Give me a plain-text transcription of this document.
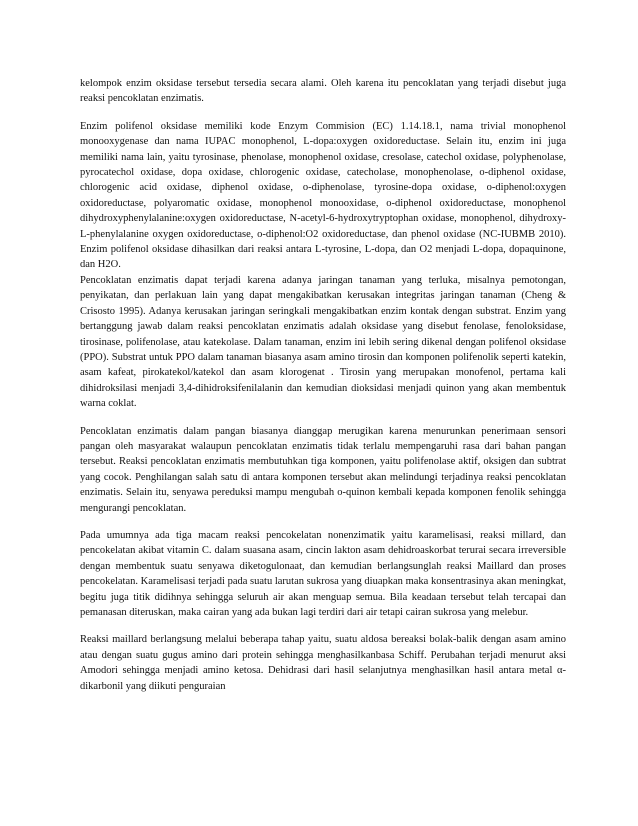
kelompok enzim oksidase tersebut tersedia secara alami. Oleh karena itu pencoklatan yang terjadi disebut juga reaksi pencoklatan enzimatis.

Enzim polifenol oksidase memiliki kode Enzym Commision (EC) 1.14.18.1, nama trivial monophenol monooxygenase dan nama IUPAC monophenol, L-dopa:oxygen oxidoreductase. Selain itu, enzim ini juga memiliki nama lain, yaitu tyrosinase, phenolase, monophenol oxidase, cresolase, catechol oxidase, polyphenolase, pyrocatechol oxidase, dopa oxidase, chlorogenic oxidase, catecholase, monophenolase, o-diphenol oxidase, chlorogenic acid oxidase, diphenol oxidase, o-diphenolase, tyrosine-dopa oxidase, o-diphenol:oxygen oxidoreductase, polyaromatic oxidase, monophenol monooxidase, o-diphenol oxidoreductase, monophenol dihydroxyphenylalanine:oxygen oxidoreductase, N-acetyl-6-hydroxytryptophan oxidase, monophenol, dihydroxy-L-phenylalanine oxygen oxidoreductase, o-diphenol:O2 oxidoreductase, dan phenol oxidase (NC-IUBMB 2010). Enzim polifenol oksidase dihasilkan dari reaksi antara L-tyrosine, L-dopa, dan O2 menjadi L-dopa, dopaquinone, dan H2O.

Pencoklatan enzimatis dapat terjadi karena adanya jaringan tanaman yang terluka, misalnya pemotongan, penyikatan, dan perlakuan lain yang dapat mengakibatkan kerusakan integritas jaringan tanaman (Cheng & Crisosto 1995). Adanya kerusakan jaringan seringkali mengakibatkan enzim kontak dengan substrat. Enzim yang bertanggung jawab dalam reaksi pencoklatan enzimatis adalah oksidase yang disebut fenolase, fenoloksidase, tirosinase, polifenolase, atau katekolase. Dalam tanaman, enzim ini lebih sering dikenal dengan polifenol oksidase (PPO). Substrat untuk PPO dalam tanaman biasanya asam amino tirosin dan komponen polifenolik seperti katekin, asam kafeat, pirokatekol/katekol dan asam klorogenat . Tirosin yang merupakan monofenol, pertama kali dihidroksilasi menjadi 3,4-dihidroksifenilalanin dan kemudian dioksidasi menjadi quinon yang akan membentuk warna coklat.

Pencoklatan enzimatis dalam pangan biasanya dianggap merugikan karena menurunkan penerimaan sensori pangan oleh masyarakat walaupun pencoklatan enzimatis tidak terlalu mempengaruhi rasa dari bahan pangan tersebut. Reaksi pencoklatan enzimatis membutuhkan tiga komponen, yaitu polifenolase aktif, oksigen dan subtrat yang cocok. Penghilangan salah satu di antara komponen tersebut akan melindungi terjadinya reaksi pencoklatan enzimatis. Selain itu, senyawa pereduksi mampu mengubah o-quinon kembali kepada komponen fenolik sehingga mengurangi pencoklatan.

Pada umumnya ada tiga macam reaksi pencokelatan nonenzimatik yaitu karamelisasi, reaksi millard, dan pencokelatan akibat vitamin C. dalam suasana asam, cincin lakton asam dehidroaskorbat terurai secara irreversible dengan membentuk suatu senyawa diketogulonaat, dan kemudian berlangsunglah reaksi Maillard dan proses pencokelatan. Karamelisasi terjadi pada suatu larutan sukrosa yang diuapkan maka konsentrasinya akan meningkat, begitu juga titik didihnya sehingga seluruh air akan menguap semua. Bila keadaan tersebut telah tercapai dan pemanasan diteruskan, maka cairan yang ada bukan lagi terdiri dari air tetapi cairan sukrosa yang melebur.

Reaksi maillard berlangsung melalui beberapa tahap yaitu, suatu aldosa bereaksi bolak-balik dengan asam amino atau dengan suatu gugus amino dari protein sehingga menghasilkanbasa Schiff. Perubahan terjadi menurut aksi Amodori sehingga menjadi amino ketosa. Dehidrasi dari hasil selanjutnya menghasilkan hasil antara metal α-dikarbonil yang diikuti penguraian
